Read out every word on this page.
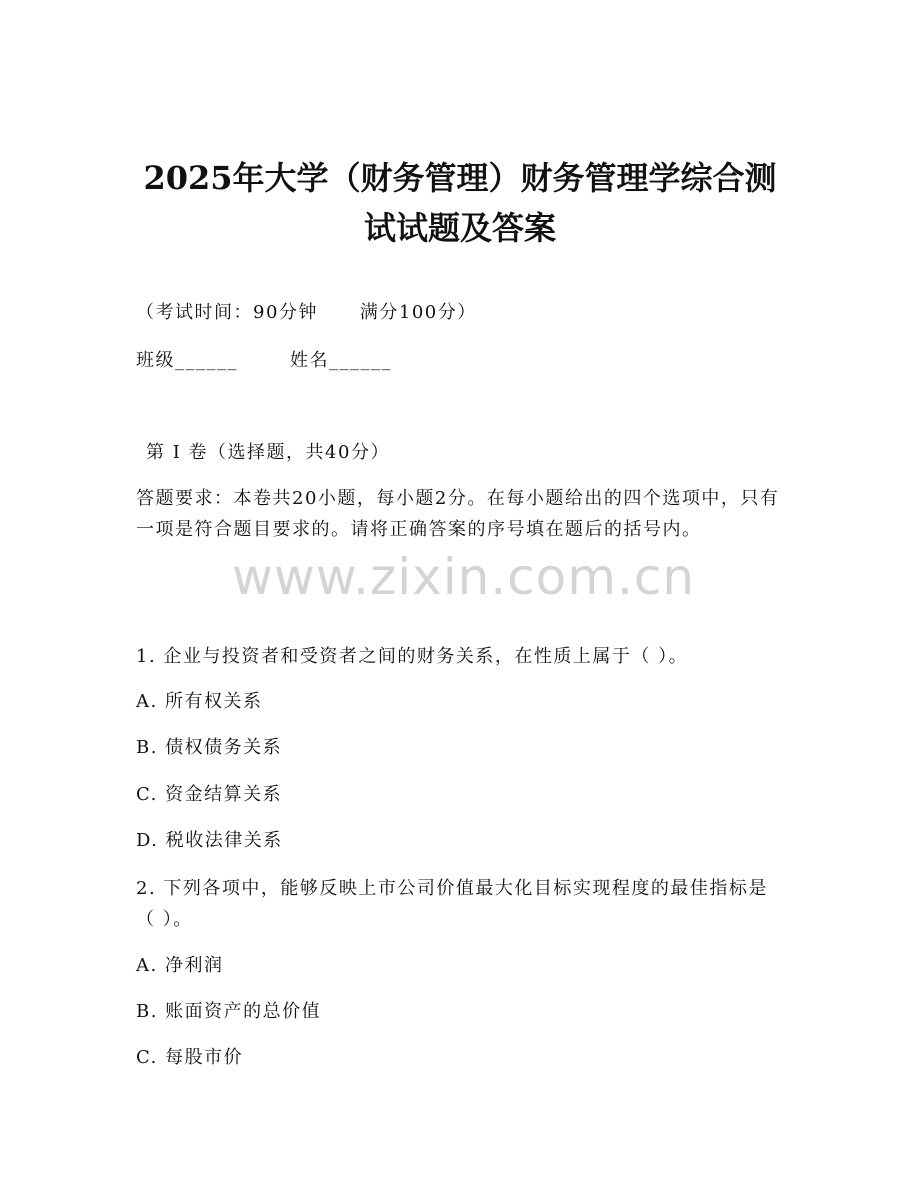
2025年大学（财务管理）财务管理学综合测
试试题及答案
（考试时间：90分钟 满分100分）
班级______	姓名______
第 I 卷（选择题，共40分）
答题要求：本卷共20小题，每小题2分。在每小题给出的四个选项中，只有一项是符合题目要求的。请将正确答案的序号填在题后的括号内。
www.zixin.com.cn
1. 企业与投资者和受资者之间的财务关系，在性质上属于（ ）。
A. 所有权关系
B. 债权债务关系
C. 资金结算关系
D. 税收法律关系
2. 下列各项中，能够反映上市公司价值最大化目标实现程度的最佳指标是（ ）。
A. 净利润
B. 账面资产的总价值
C. 每股市价
